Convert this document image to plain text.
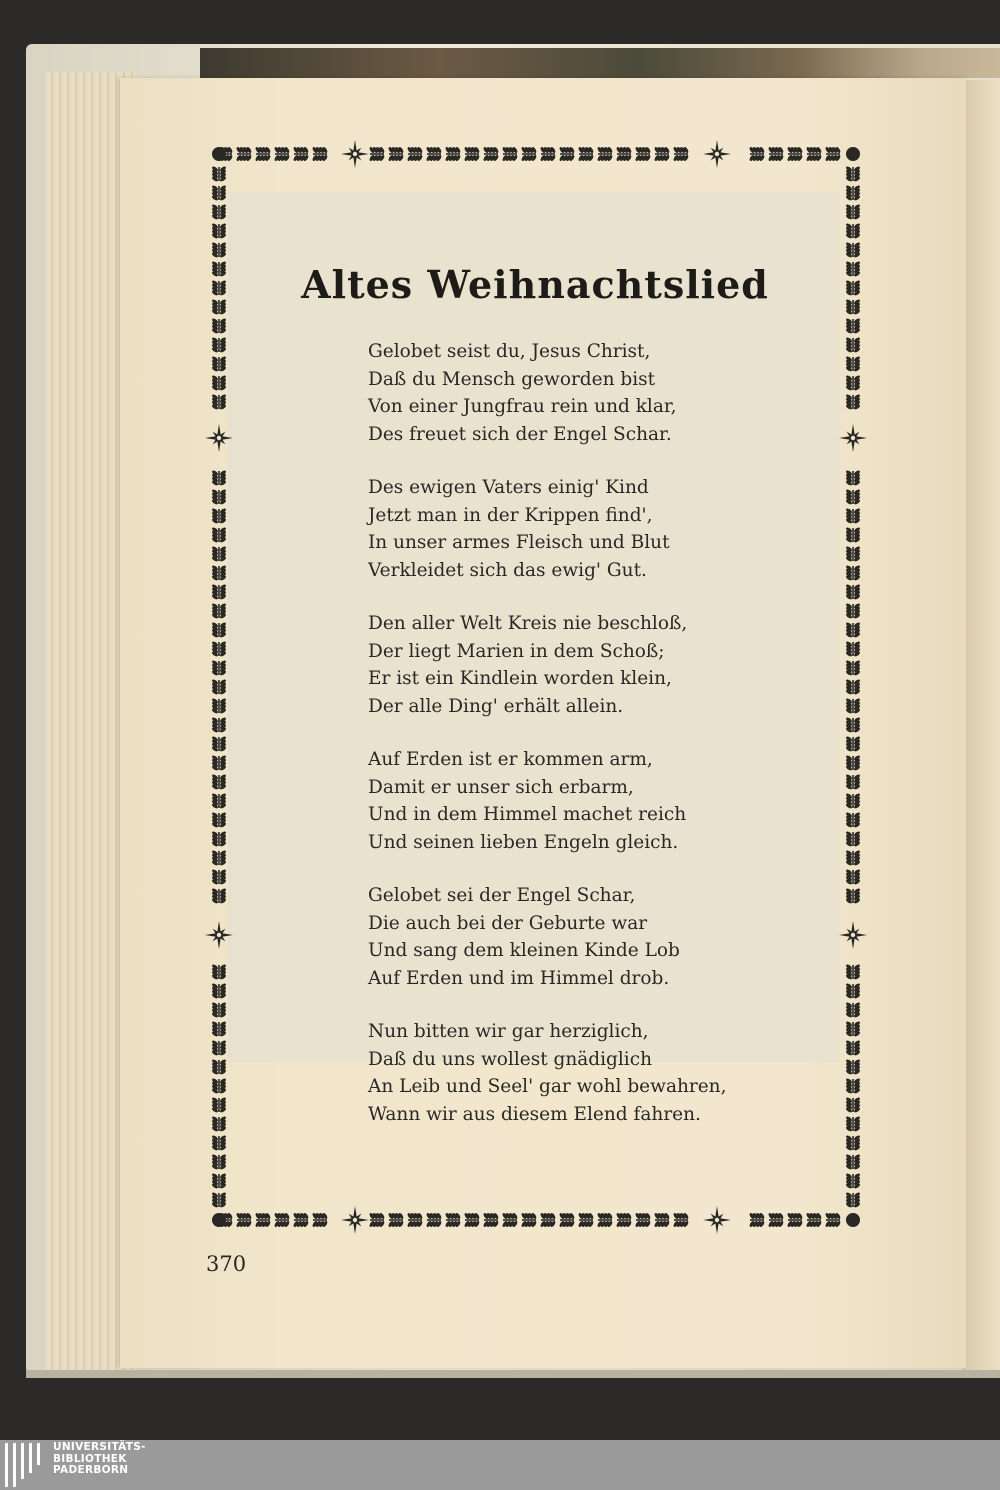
Altes Weihnachtslied
Gelobet seist du, Jesus Christ,
Daß du Mensch geworden bist
Von einer Jungfrau rein und klar,
Des freuet sich der Engel Schar.
Des ewigen Vaters einig' Kind
Jetzt man in der Krippen find',
In unser armes Fleisch und Blut
Verkleidet sich das ewig' Gut.
Den aller Welt Kreis nie beschloß,
Der liegt Marien in dem Schoß;
Er ist ein Kindlein worden klein,
Der alle Ding' erhält allein.
Auf Erden ist er kommen arm,
Damit er unser sich erbarm,
Und in dem Himmel machet reich
Und seinen lieben Engeln gleich.
Gelobet sei der Engel Schar,
Die auch bei der Geburte war
Und sang dem kleinen Kinde Lob
Auf Erden und im Himmel drob.
Nun bitten wir gar herziglich,
Daß du uns wollest gnädiglich
An Leib und Seel' gar wohl bewahren,
Wann wir aus diesem Elend fahren.
370
UNIVERSITÄTS-
BIBLIOTHEK
PADERBORN
